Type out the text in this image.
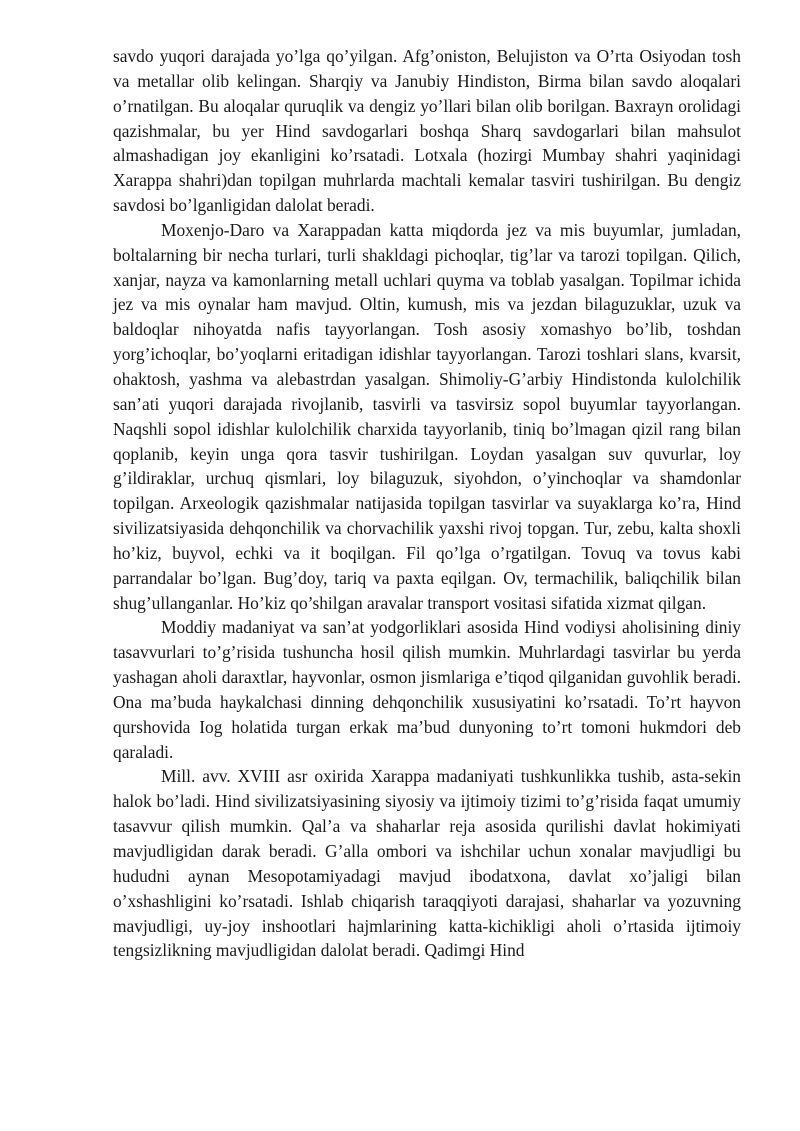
savdo yuqori darajada yo’lga qo’yilgan. Afg’oniston, Belujiston va O’rta Osiyodan tosh va metallar olib kelingan. Sharqiy va Janubiy Hindiston, Birma bilan savdo aloqalari o’rnatilgan. Bu aloqalar quruqlik va dengiz yo’llari bilan olib borilgan. Baxrayn orolidagi qazishmalar, bu yer Hind savdogarlari boshqa Sharq savdogarlari bilan mahsulot almashadigan joy ekanligini ko’rsatadi. Lotxala (hozirgi Mumbay shahri yaqinidagi Xarappa shahri)dan topilgan muhrlarda machtali kemalar tasviri tushirilgan. Bu dengiz savdosi bo’lganligidan dalolat beradi.

Moxenjo-Daro va Xarappadan katta miqdorda jez va mis buyumlar, jumladan, boltalarning bir necha turlari, turli shakldagi pichoqlar, tig’lar va tarozi topilgan. Qilich, xanjar, nayza va kamonlarning metall uchlari quyma va toblab yasalgan. Topilmar ichida jez va mis oynalar ham mavjud. Oltin, kumush, mis va jezdan bilaguzuklar, uzuk va baldoqlar nihoyatda nafis tayyorlangan. Tosh asosiy xomashyo bo’lib, toshdan yorg’ichoqlar, bo’yoqlarni eritadigan idishlar tayyorlangan. Tarozi toshlari slans, kvarsit, ohaktosh, yashma va alebastrdan yasalgan. Shimoliy-G’arbiy Hindistonda kulolchilik san’ati yuqori darajada rivojlanib, tasvirli va tasvirsiz sopol buyumlar tayyorlangan. Naqshli sopol idishlar kulolchilik charxida tayyorlanib, tiniq bo’lmagan qizil rang bilan qoplanib, keyin unga qora tasvir tushirilgan. Loydan yasalgan suv quvurlar, loy g’ildiraklar, urchuq qismlari, loy bilaguzuk, siyohdon, o’yinchoqlar va shamdonlar topilgan. Arxeologik qazishmalar natijasida topilgan tasvirlar va suyaklarga ko’ra, Hind sivilizatsiyasida dehqonchilik va chorvachilik yaxshi rivoj topgan. Tur, zebu, kalta shoxli ho’kiz, buyvol, echki va it boqilgan. Fil qo’lga o’rgatilgan. Tovuq va tovus kabi parrandalar bo’lgan. Bug’doy, tariq va paxta eqilgan. Ov, termachilik, baliqchilik bilan shug’ullanganlar. Ho’kiz qo’shilgan aravalar transport vositasi sifatida xizmat qilgan.

Moddiy madaniyat va san’at yodgorliklari asosida Hind vodiysi aholisining diniy tasavvurlari to’g’risida tushuncha hosil qilish mumkin. Muhrlardagi tasvirlar bu yerda yashagan aholi daraxtlar, hayvonlar, osmon jismlariga e’tiqod qilganidan guvohlik beradi. Ona ma’buda haykalchasi dinning dehqonchilik xususiyatini ko’rsatadi. To’rt hayvon qurshovida Iog holatida turgan erkak ma’bud dunyoning to’rt tomoni hukmdori deb qaraladi.

Mill. avv. XVIII asr oxirida Xarappa madaniyati tushkunlikka tushib, asta-sekin halok bo’ladi. Hind sivilizatsiyasining siyosiy va ijtimoiy tizimi to’g’risida faqat umumiy tasavvur qilish mumkin. Qal’a va shaharlar reja asosida qurilishi davlat hokimiyati mavjudligidan darak beradi. G’alla ombori va ishchilar uchun xonalar mavjudligi bu hududni aynan Mesopotamiyadagi mavjud ibodatxona, davlat xo’jaligi bilan o’xshashligini ko’rsatadi. Ishlab chiqarish taraqqiyoti darajasi, shaharlar va yozuvning mavjudligi, uy-joy inshootlari hajmlarining katta-kichikligi aholi o’rtasida ijtimoiy tengsizlikning mavjudligidan dalolat beradi. Qadimgi Hind
